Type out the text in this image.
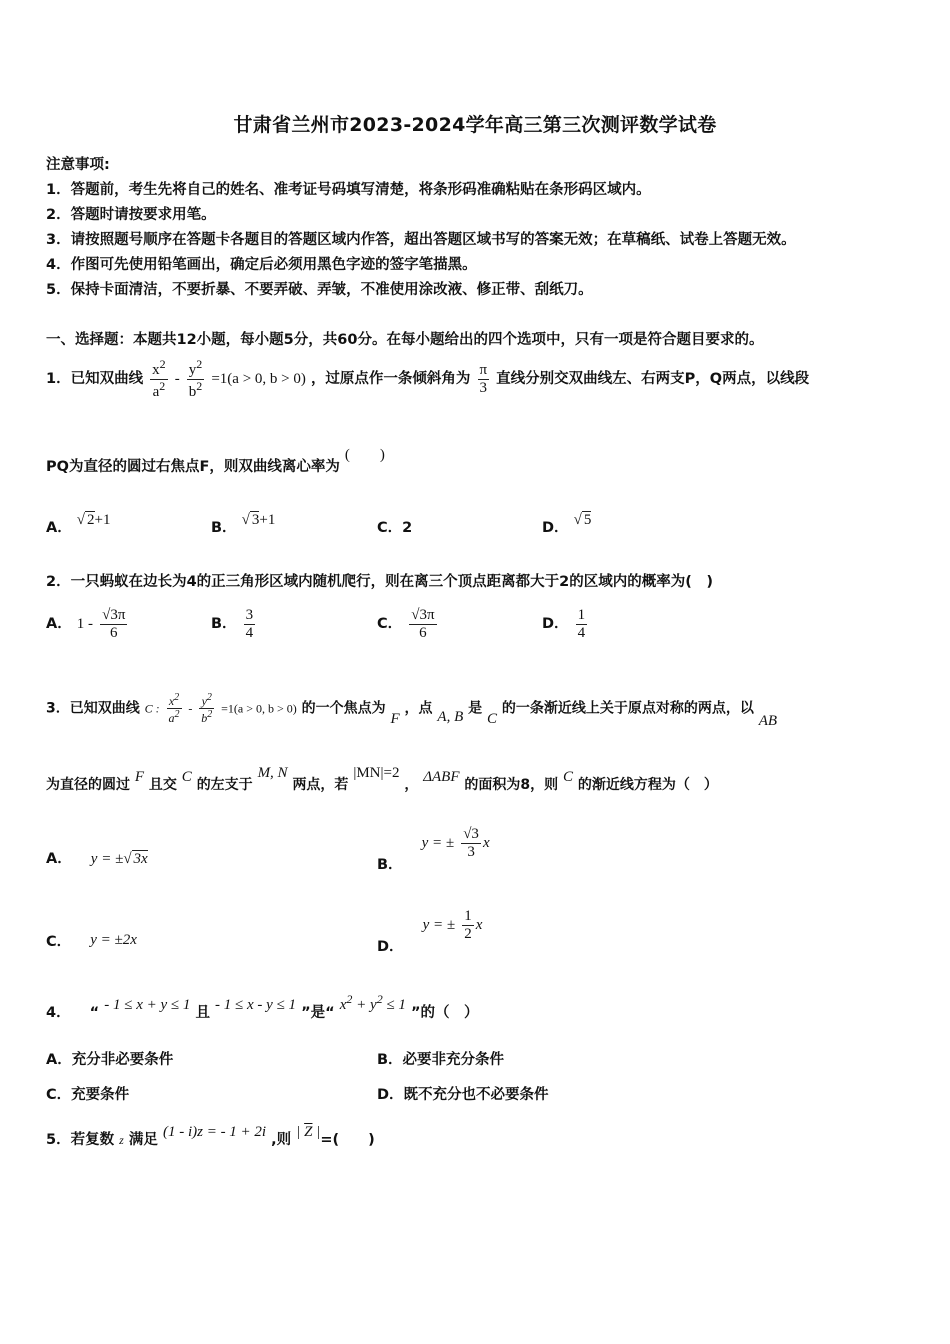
甘肃省兰州市2023-2024学年高三第三次测评数学试卷
注意事项:
1．答题前，考生先将自己的姓名、准考证号码填写清楚，将条形码准确粘贴在条形码区域内。
2．答题时请按要求用笔。
3．请按照题号顺序在答题卡各题目的答题区域内作答，超出答题区域书写的答案无效；在草稿纸、试卷上答题无效。
4．作图可先使用铅笔画出，确定后必须用黑色字迹的签字笔描黑。
5．保持卡面清洁，不要折暴、不要弄破、弄皱，不准使用涂改液、修正带、刮纸刀。
一、选择题：本题共12小题，每小题5分，共60分。在每小题给出的四个选项中，只有一项是符合题目要求的。
1．已知双曲线 $\frac{x^2}{a^2} - \frac{y^2}{b^2} =1(a > 0$, b > 0) ，过原点作一条倾斜角为 $\frac{\pi}{3}$ 直线分别交双曲线左、右两支P，Q两点，以线段
PQ为直径的圆过右焦点F，则双曲线离心率为 (　　)
A． √ 2+1	B． √ 3+1	C．2	D． √ 5
2．一只蚂蚁在边长为4的正三角形区域内随机爬行，则在离三个顶点距离都大于2的区域内的概率为(　)
A． $1 - \frac{√3\pi}{6}$	B． $\frac{3}{4}$	C． $\frac{√3\pi}{6}$	D． $\frac{1}{4}$
3．已知双曲线 C : $\frac{x^2}{a^2} - \frac{y^2}{b^2} =1(a > 0$, b > 0) 的一个焦点为 F ，点 A, B 是 C 的一条渐近线上关于原点对称的两点，以 AB
为直径的圆过 F 且交 C 的左支于 M, N 两点，若 |MN|=2 ， ΔABF 的面积为8，则 C 的渐近线方程为（　）
A． y = ±√ 3x	B． y = ± $\frac{√3}{3}$ x
C． y = ±2x	D． y = ± $\frac{1}{2}$ x
4． “ - 1 ≤ x + y ≤ 1 且 - 1 ≤ x - y ≤ 1 ”是“ $x^2 + y^2 \le 1$ ”的（　）
A．充分非必要条件	B．必要非充分条件
C．充要条件	D．既不充分也不必要条件
5．若复数 z 满足 (1 - i)z = - 1 + 2i ,则 | $\overline{Z}$ |=(　　)
